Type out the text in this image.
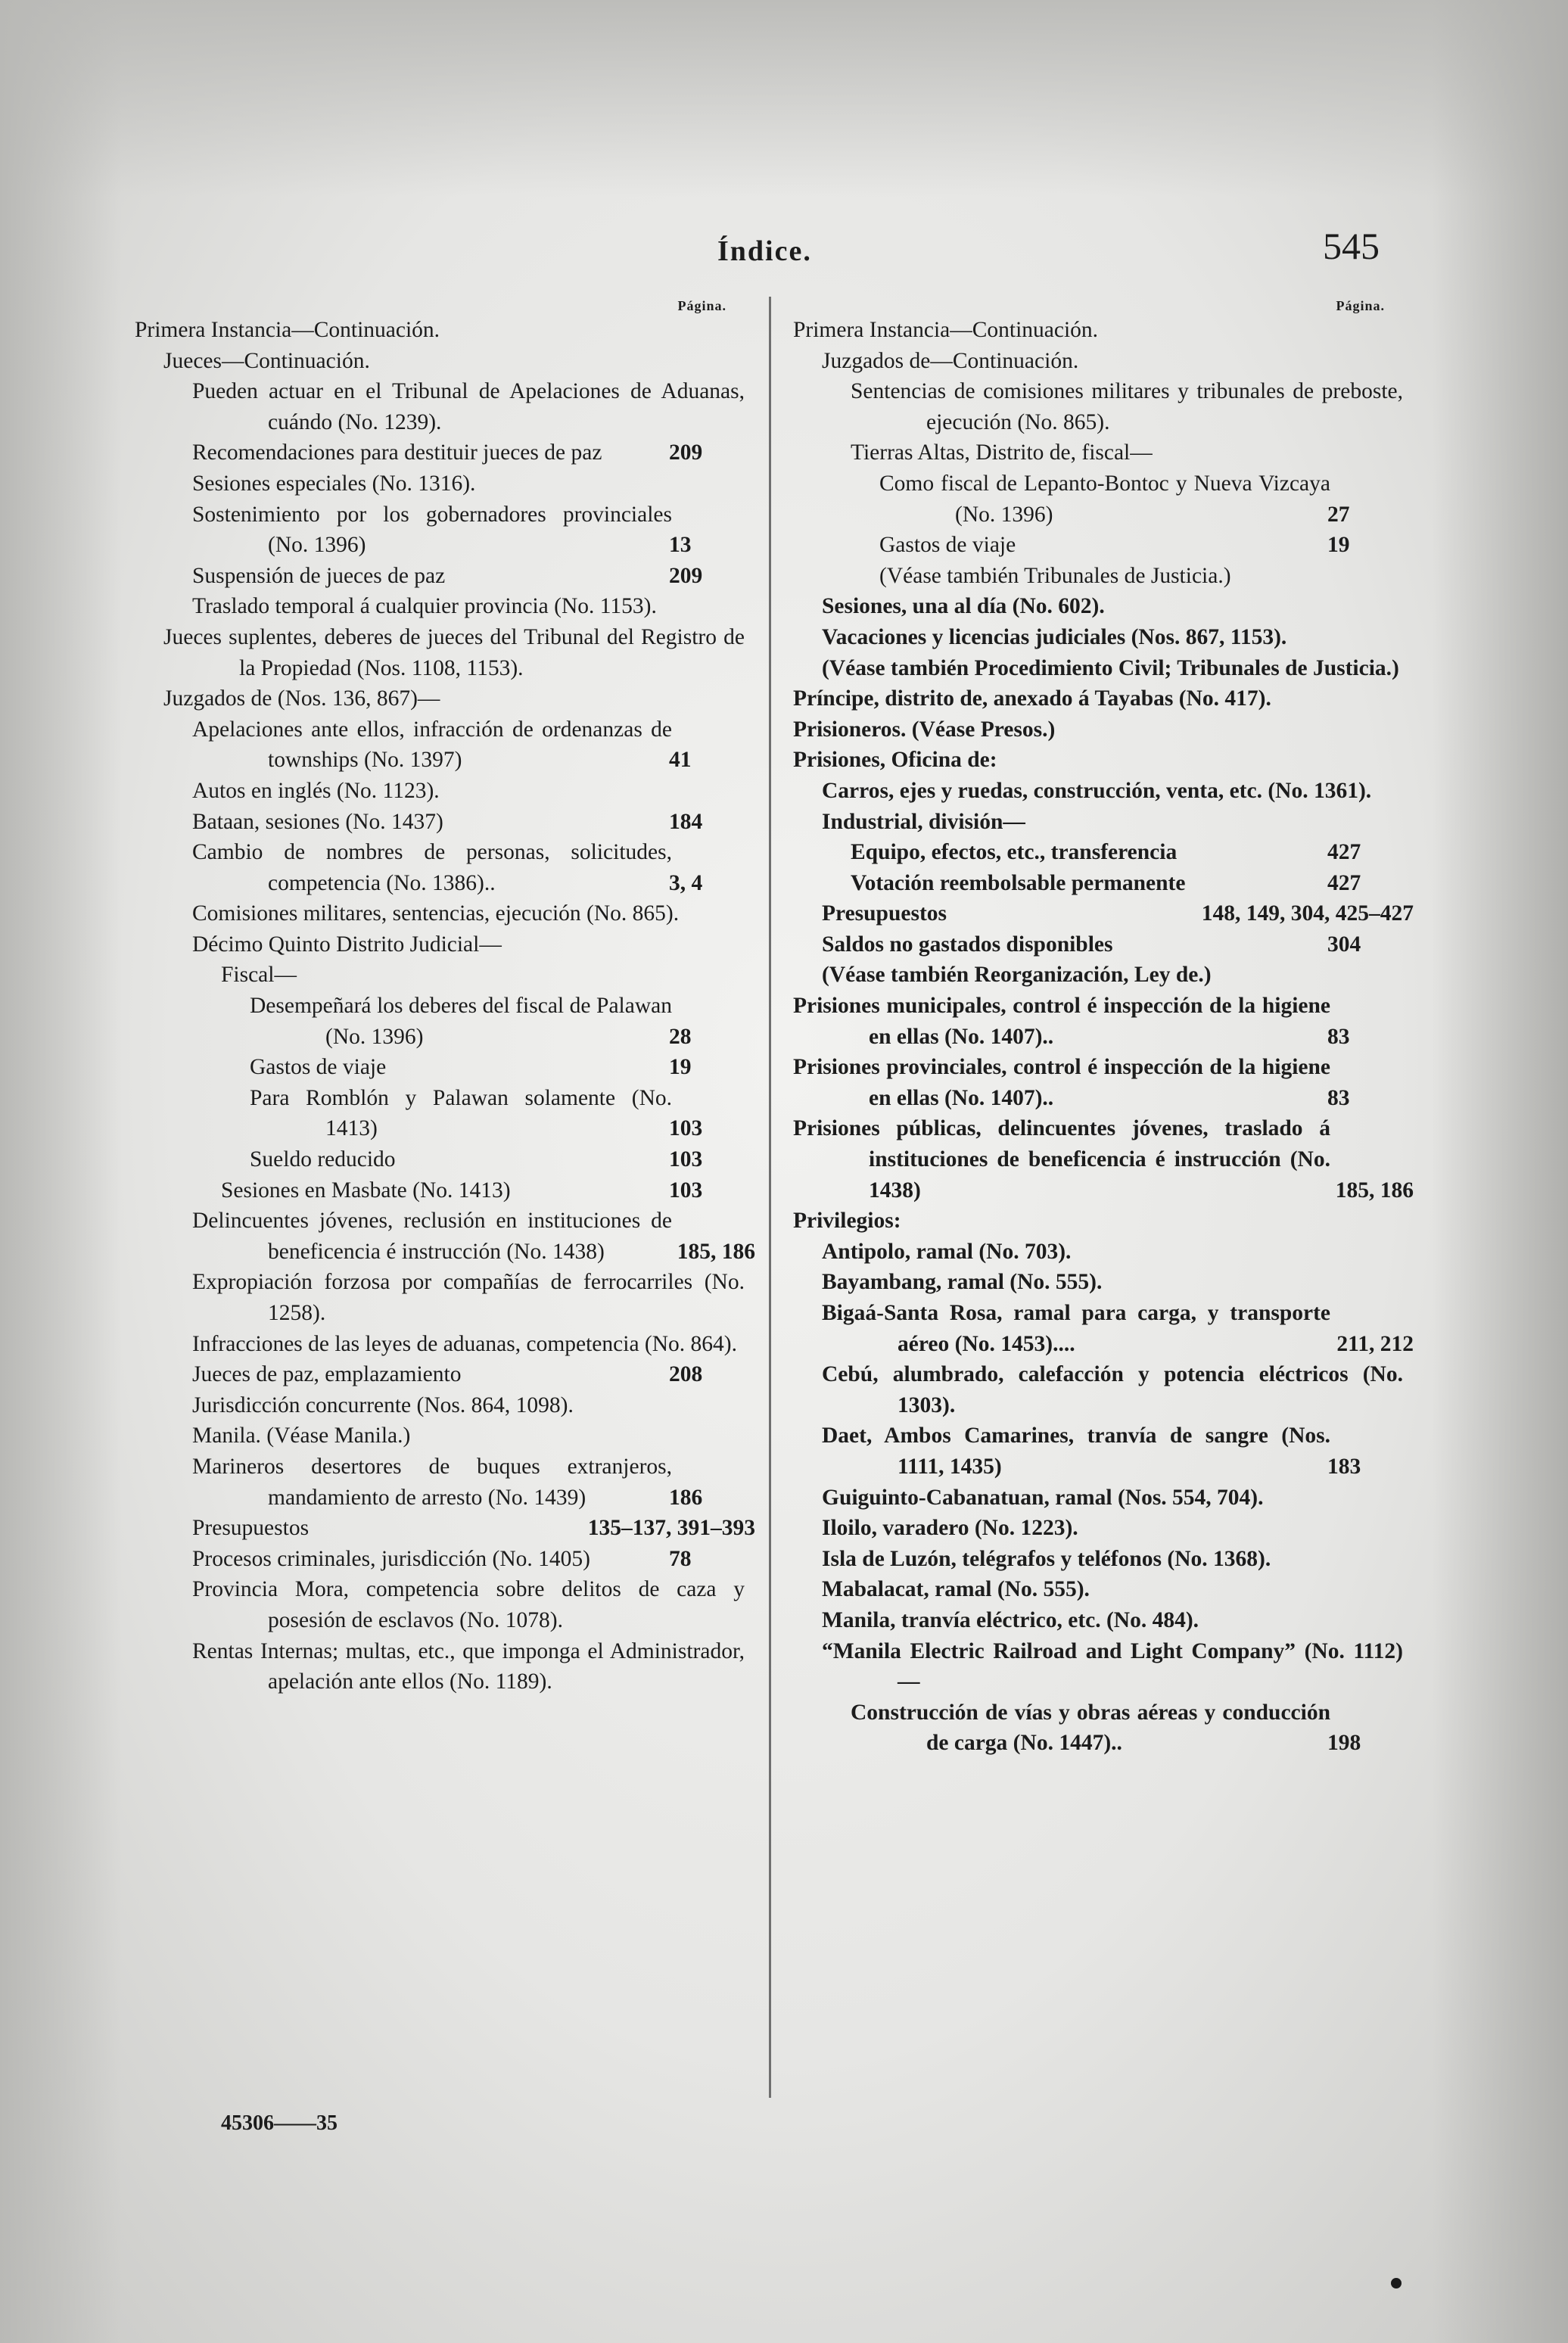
Índice.	545
Página.
Primera Instancia—Continuación.
Jueces—Continuación.
Pueden actuar en el Tribunal de Apelaciones de Aduanas, cuándo (No. 1239).
Recomendaciones para destituir jueces de paz	209
Sesiones especiales (No. 1316).
Sostenimiento por los gobernadores provinciales (No. 1396)	13
Suspensión de jueces de paz	209
Traslado temporal á cualquier provincia (No. 1153).
Jueces suplentes, deberes de jueces del Tribunal del Registro de la Propiedad (Nos. 1108, 1153).
Juzgados de (Nos. 136, 867)—
Apelaciones ante ellos, infracción de ordenanzas de townships (No. 1397)	41
Autos en inglés (No. 1123).
Bataan, sesiones (No. 1437)	184
Cambio de nombres de personas, solicitudes, competencia (No. 1386)..	3, 4
Comisiones militares, sentencias, ejecución (No. 865).
Décimo Quinto Distrito Judicial—
Fiscal—
Desempeñará los deberes del fiscal de Palawan (No. 1396)	28
Gastos de viaje	19
Para Romblón y Palawan solamente (No. 1413)	103
Sueldo reducido	103
Sesiones en Masbate (No. 1413)	103
Delincuentes jóvenes, reclusión en instituciones de beneficencia é instrucción (No. 1438)	185, 186
Expropiación forzosa por compañías de ferrocarriles (No. 1258).
Infracciones de las leyes de aduanas, competencia (No. 864).
Jueces de paz, emplazamiento	208
Jurisdicción concurrente (Nos. 864, 1098).
Manila. (Véase Manila.)
Marineros desertores de buques extranjeros, mandamiento de arresto (No. 1439)	186
Presupuestos	135–137, 391–393
Procesos criminales, jurisdicción (No. 1405)	78
Provincia Mora, competencia sobre delitos de caza y posesión de esclavos (No. 1078).
Rentas Internas; multas, etc., que imponga el Administrador, apelación ante ellos (No. 1189).
Página.
Primera Instancia—Continuación.
Juzgados de—Continuación.
Sentencias de comisiones militares y tribunales de preboste, ejecución (No. 865).
Tierras Altas, Distrito de, fiscal—
Como fiscal de Lepanto-Bontoc y Nueva Vizcaya (No. 1396)	27
Gastos de viaje	19
(Véase también Tribunales de Justicia.)
Sesiones, una al día (No. 602).
Vacaciones y licencias judiciales (Nos. 867, 1153).
(Véase también Procedimiento Civil; Tribunales de Justicia.)
Príncipe, distrito de, anexado á Tayabas (No. 417).
Prisioneros. (Véase Presos.)
Prisiones, Oficina de:
Carros, ejes y ruedas, construcción, venta, etc. (No. 1361).
Industrial, división—
Equipo, efectos, etc., transferencia	427
Votación reembolsable permanente	427
Presupuestos	148, 149, 304, 425–427
Saldos no gastados disponibles	304
(Véase también Reorganización, Ley de.)
Prisiones municipales, control é inspección de la higiene en ellas (No. 1407)..	83
Prisiones provinciales, control é inspección de la higiene en ellas (No. 1407)..	83
Prisiones públicas, delincuentes jóvenes, traslado á instituciones de beneficencia é instrucción (No. 1438)	185, 186
Privilegios:
Antipolo, ramal (No. 703).
Bayambang, ramal (No. 555).
Bigaá-Santa Rosa, ramal para carga, y transporte aéreo (No. 1453)....	211, 212
Cebú, alumbrado, calefacción y potencia eléctricos (No. 1303).
Daet, Ambos Camarines, tranvía de sangre (Nos. 1111, 1435)	183
Guiguinto-Cabanatuan, ramal (Nos. 554, 704).
Iloilo, varadero (No. 1223).
Isla de Luzón, telégrafos y teléfonos (No. 1368).
Mabalacat, ramal (No. 555).
Manila, tranvía eléctrico, etc. (No. 484).
“Manila Electric Railroad and Light Company” (No. 1112)—
Construcción de vías y obras aéreas y conducción de carga (No. 1447)..	198
45306——35
